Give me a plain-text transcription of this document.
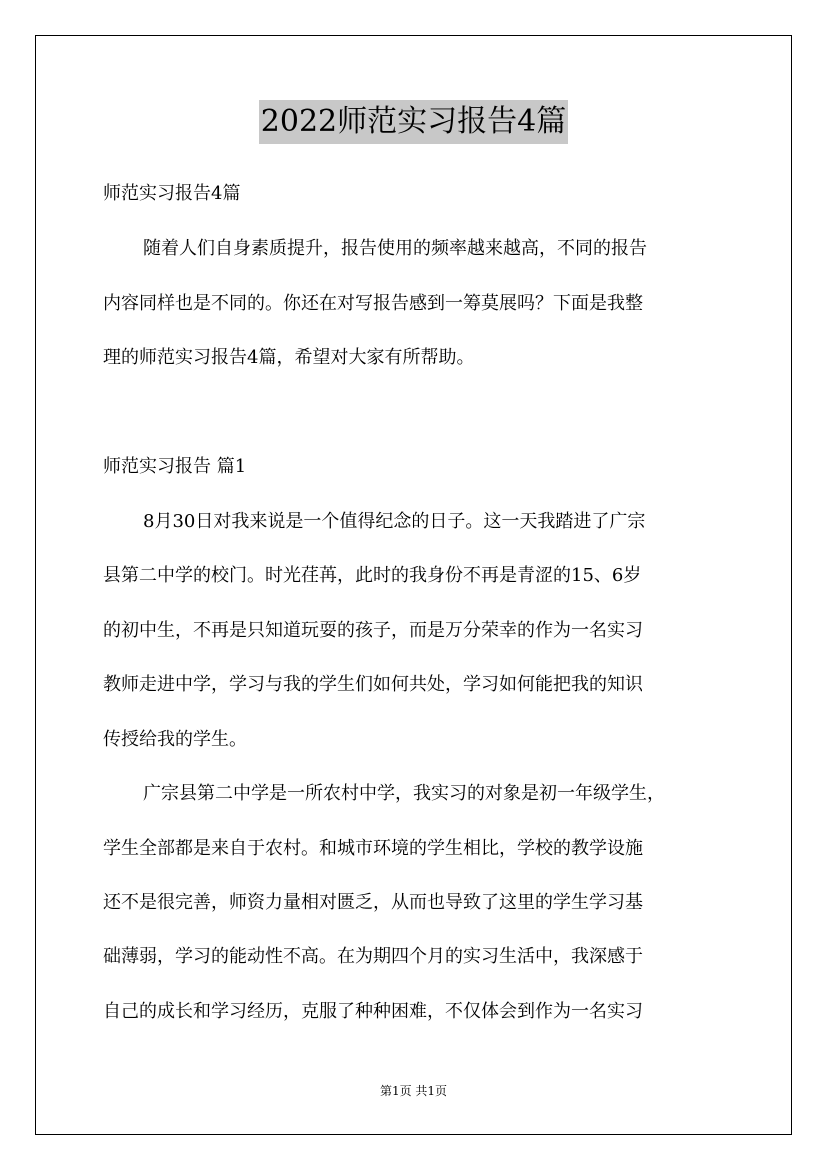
2022师范实习报告4篇
师范实习报告4篇
随着人们自身素质提升，报告使用的频率越来越高，不同的报告
内容同样也是不同的。你还在对写报告感到一筹莫展吗？下面是我整
理的师范实习报告4篇，希望对大家有所帮助。
师范实习报告 篇1
8月30日对我来说是一个值得纪念的日子。这一天我踏进了广宗
县第二中学的校门。时光荏苒，此时的我身份不再是青涩的15、6岁
的初中生，不再是只知道玩耍的孩子，而是万分荣幸的作为一名实习
教师走进中学，学习与我的学生们如何共处，学习如何能把我的知识
传授给我的学生。
广宗县第二中学是一所农村中学，我实习的对象是初一年级学生，
学生全部都是来自于农村。和城市环境的学生相比，学校的教学设施
还不是很完善，师资力量相对匮乏，从而也导致了这里的学生学习基
础薄弱，学习的能动性不高。在为期四个月的实习生活中，我深感于
自己的成长和学习经历，克服了种种困难，不仅体会到作为一名实习
第1页 共1页
